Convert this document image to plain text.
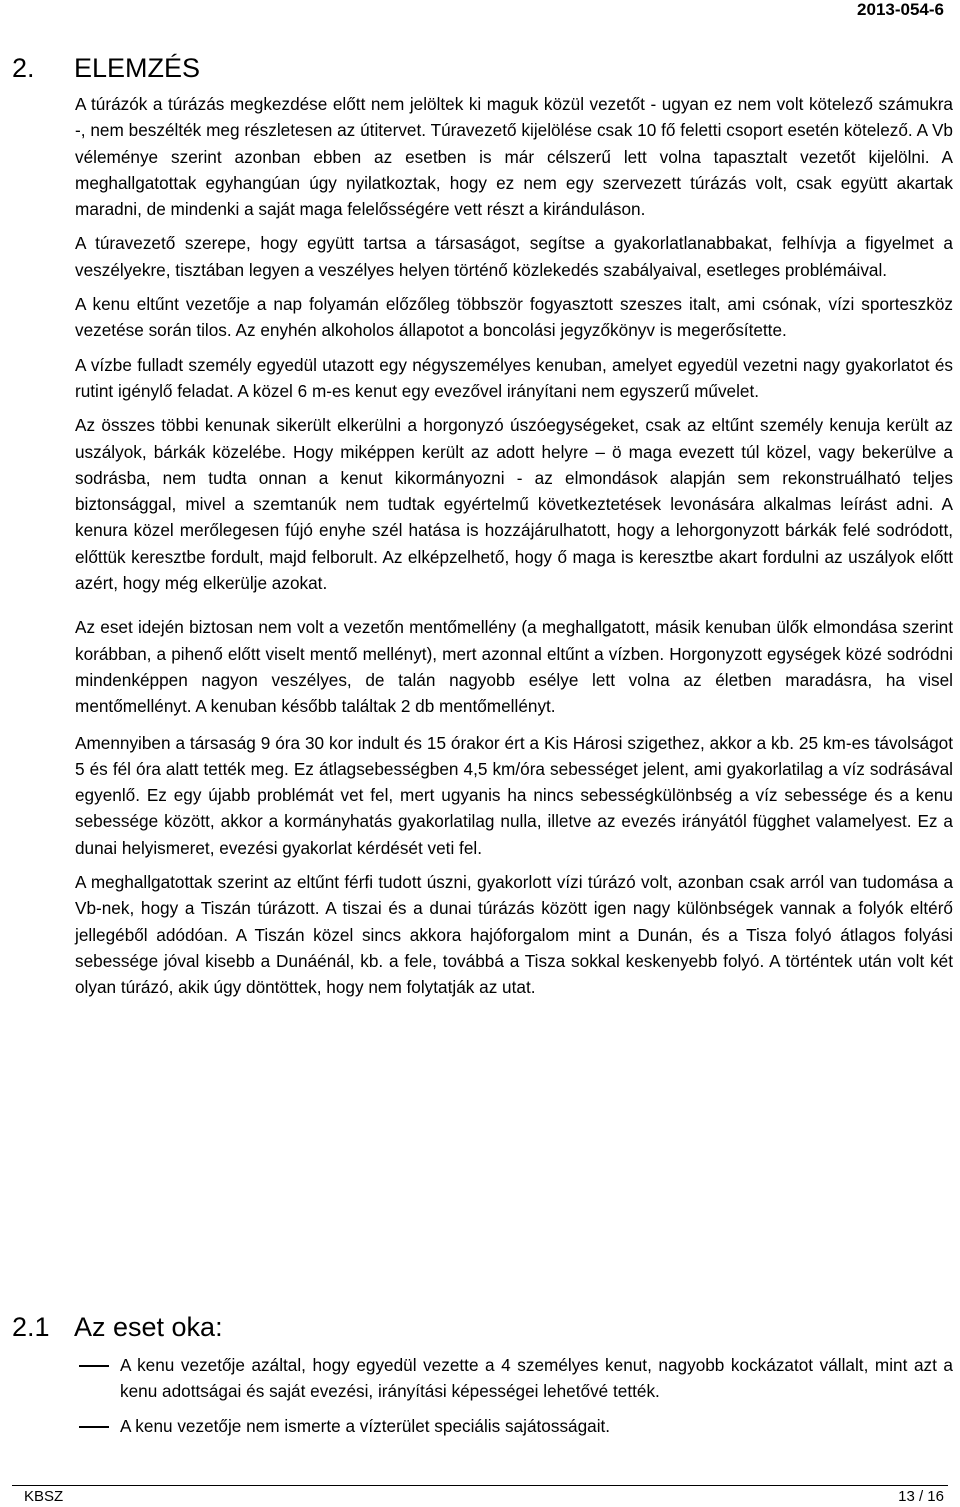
2013-054-6
2. ELEMZÉS

A túrázók a túrázás megkezdése előtt nem jelöltek ki maguk közül vezetőt - ugyan ez nem volt kötelező számukra -, nem beszélték meg részletesen az útitervet. Túravezető kijelölése csak 10 fő feletti csoport esetén kötelező. A Vb véleménye szerint azonban ebben az esetben is már célszerű lett volna tapasztalt vezetőt kijelölni. A meghallgatottak egyhangúan úgy nyilatkoztak, hogy ez nem egy szervezett túrázás volt, csak együtt akartak maradni, de mindenki a saját maga felelősségére vett részt a kiránduláson.

A túravezető szerepe, hogy együtt tartsa a társaságot, segítse a gyakorlatlanabbakat, felhívja a figyelmet a veszélyekre, tisztában legyen a veszélyes helyen történő közlekedés szabályaival, esetleges problémáival.

A kenu eltűnt vezetője a nap folyamán előzőleg többször fogyasztott szeszes italt, ami csónak, vízi sporteszköz vezetése során tilos. Az enyhén alkoholos állapotot a boncolási jegyzőkönyv is megerősítette.

A vízbe fulladt személy egyedül utazott egy négyszemélyes kenuban, amelyet egyedül vezetni nagy gyakorlatot és rutint igénylő feladat. A közel 6 m-es kenut egy evezővel irányítani nem egyszerű művelet.

Az összes többi kenunak sikerült elkerülni a horgonyzó úszóegységeket, csak az eltűnt személy kenuja került az uszályok, bárkák közelébe. Hogy miképpen került az adott helyre – ö maga evezett túl közel, vagy bekerülve a sodrásba, nem tudta onnan a kenut kikormányozni - az elmondások alapján sem rekonstruálható teljes biztonsággal, mivel a szemtanúk nem tudtak egyértelmű következtetések levonására alkalmas leírást adni. A kenura közel merőlegesen fújó enyhe szél hatása is hozzájárulhatott, hogy a lehorgonyzott bárkák felé sodródott, előttük keresztbe fordult, majd felborult. Az elképzelhető, hogy ő maga is keresztbe akart fordulni az uszályok előtt azért, hogy még elkerülje azokat.

Az eset idején biztosan nem volt a vezetőn mentőmellény (a meghallgatott, másik kenuban ülők elmondása szerint korábban, a pihenő előtt viselt mentő mellényt), mert azonnal eltűnt a vízben. Horgonyzott egységek közé sodródni mindenképpen nagyon veszélyes, de talán nagyobb esélye lett volna az életben maradásra, ha visel mentőmellényt. A kenuban később találtak 2 db mentőmellényt.

Amennyiben a társaság 9 óra 30 kor indult és 15 órakor ért a Kis Hárosi szigethez, akkor a kb. 25 km-es távolságot 5 és fél óra alatt tették meg. Ez átlagsebességben 4,5 km/óra sebességet jelent, ami gyakorlatilag a víz sodrásával egyenlő. Ez egy újabb problémát vet fel, mert ugyanis ha nincs sebességkülönbség a víz sebessége és a kenu sebessége között, akkor a kormányhatás gyakorlatilag nulla, illetve az evezés irányától függhet valamelyest. Ez a dunai helyismeret, evezési gyakorlat kérdését veti fel.

A meghallgatottak szerint az eltűnt férfi tudott úszni, gyakorlott vízi túrázó volt, azonban csak arról van tudomása a Vb-nek, hogy a Tiszán túrázott. A tiszai és a dunai túrázás között igen nagy különbségek vannak a folyók eltérő jellegéből adódóan. A Tiszán közel sincs akkora hajóforgalom mint a Dunán, és a Tisza folyó átlagos folyási sebessége jóval kisebb a Dunáénál, kb. a fele, továbbá a Tisza sokkal keskenyebb folyó. A történtek után volt két olyan túrázó, akik úgy döntöttek, hogy nem folytatják az utat.

2.1 Az eset oka:
A kenu vezetője azáltal, hogy egyedül vezette a 4 személyes kenut, nagyobb kockázatot vállalt, mint azt a kenu adottságai és saját evezési, irányítási képességei lehetővé tették.
A kenu vezetője nem ismerte a vízterület speciális sajátosságait.
KBSZ	13 / 16
